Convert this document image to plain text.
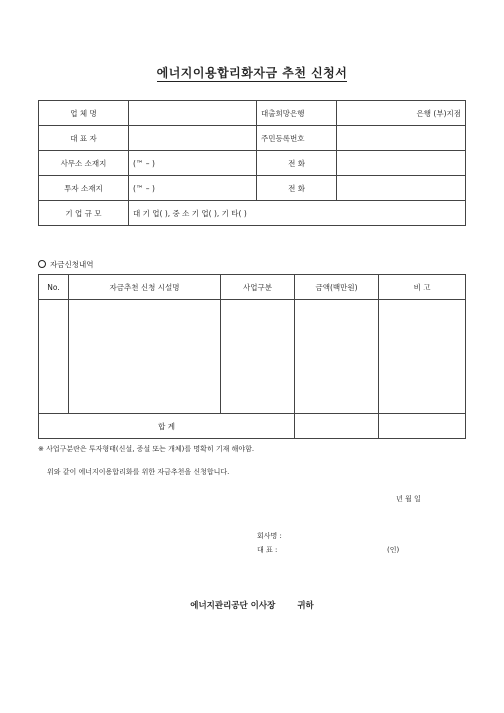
에너지이용합리화자금 추천 신청서
업 체 명		대출희망은행	은행 (부)지점
대 표 자		주민등록번호	
사무소 소재지	(™ – )	전 화	
투자 소재지	(™ – )	전 화	
기 업 규 모	대 기 업( ), 중 소 기 업( ), 기 타( )		
자금신청내역
No.	자금추천 신청 시설명	사업구분	금액(백만원)	비 고

합 계				
※ 사업구분란은 투자형태(신설, 증설 또는 개체)를 명확히 기재 해야함.
위와 같이 에너지이용합리화를 위한 자금추천을 신청합니다.
년 월 일
회사명 :
대 표 :	(인)
에너지관리공단 이사장	귀하
